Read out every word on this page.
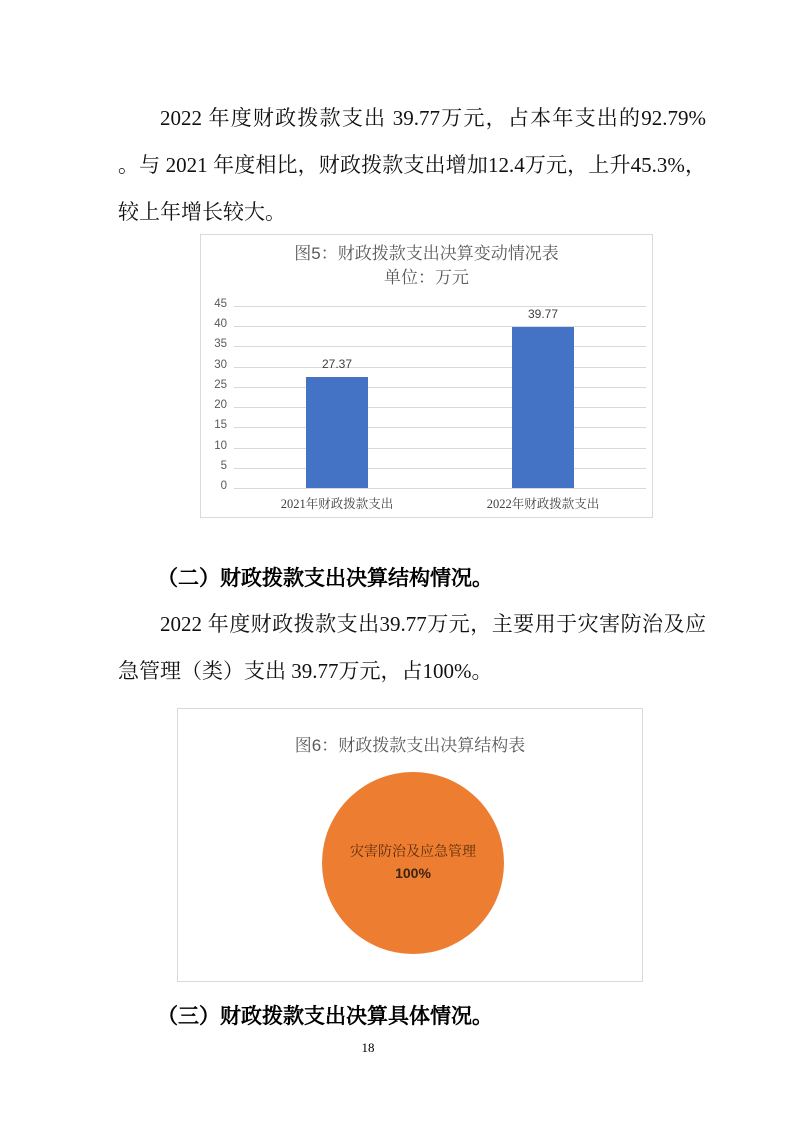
2022 年度财政拨款支出 39.77万元，占本年支出的92.79% 。与 2021 年度相比，财政拨款支出增加12.4万元，上升45.3%， 较上年增长较大。

图5：财政拨款支出决算变动情况表
单位：万元
45
40
35
30
25
20
15
10
5
0
27.37
39.77
2021年财政拨款支出	2022年财政拨款支出
（二）财政拨款支出决算结构情况。

2022 年度财政拨款支出39.77万元，主要用于灾害防治及应急管理（类）支出 39.77万元，占100%。

图6：财政拨款支出决算结构表
灾害防治及应急管理
100%
（三）财政拨款支出决算具体情况。
18
